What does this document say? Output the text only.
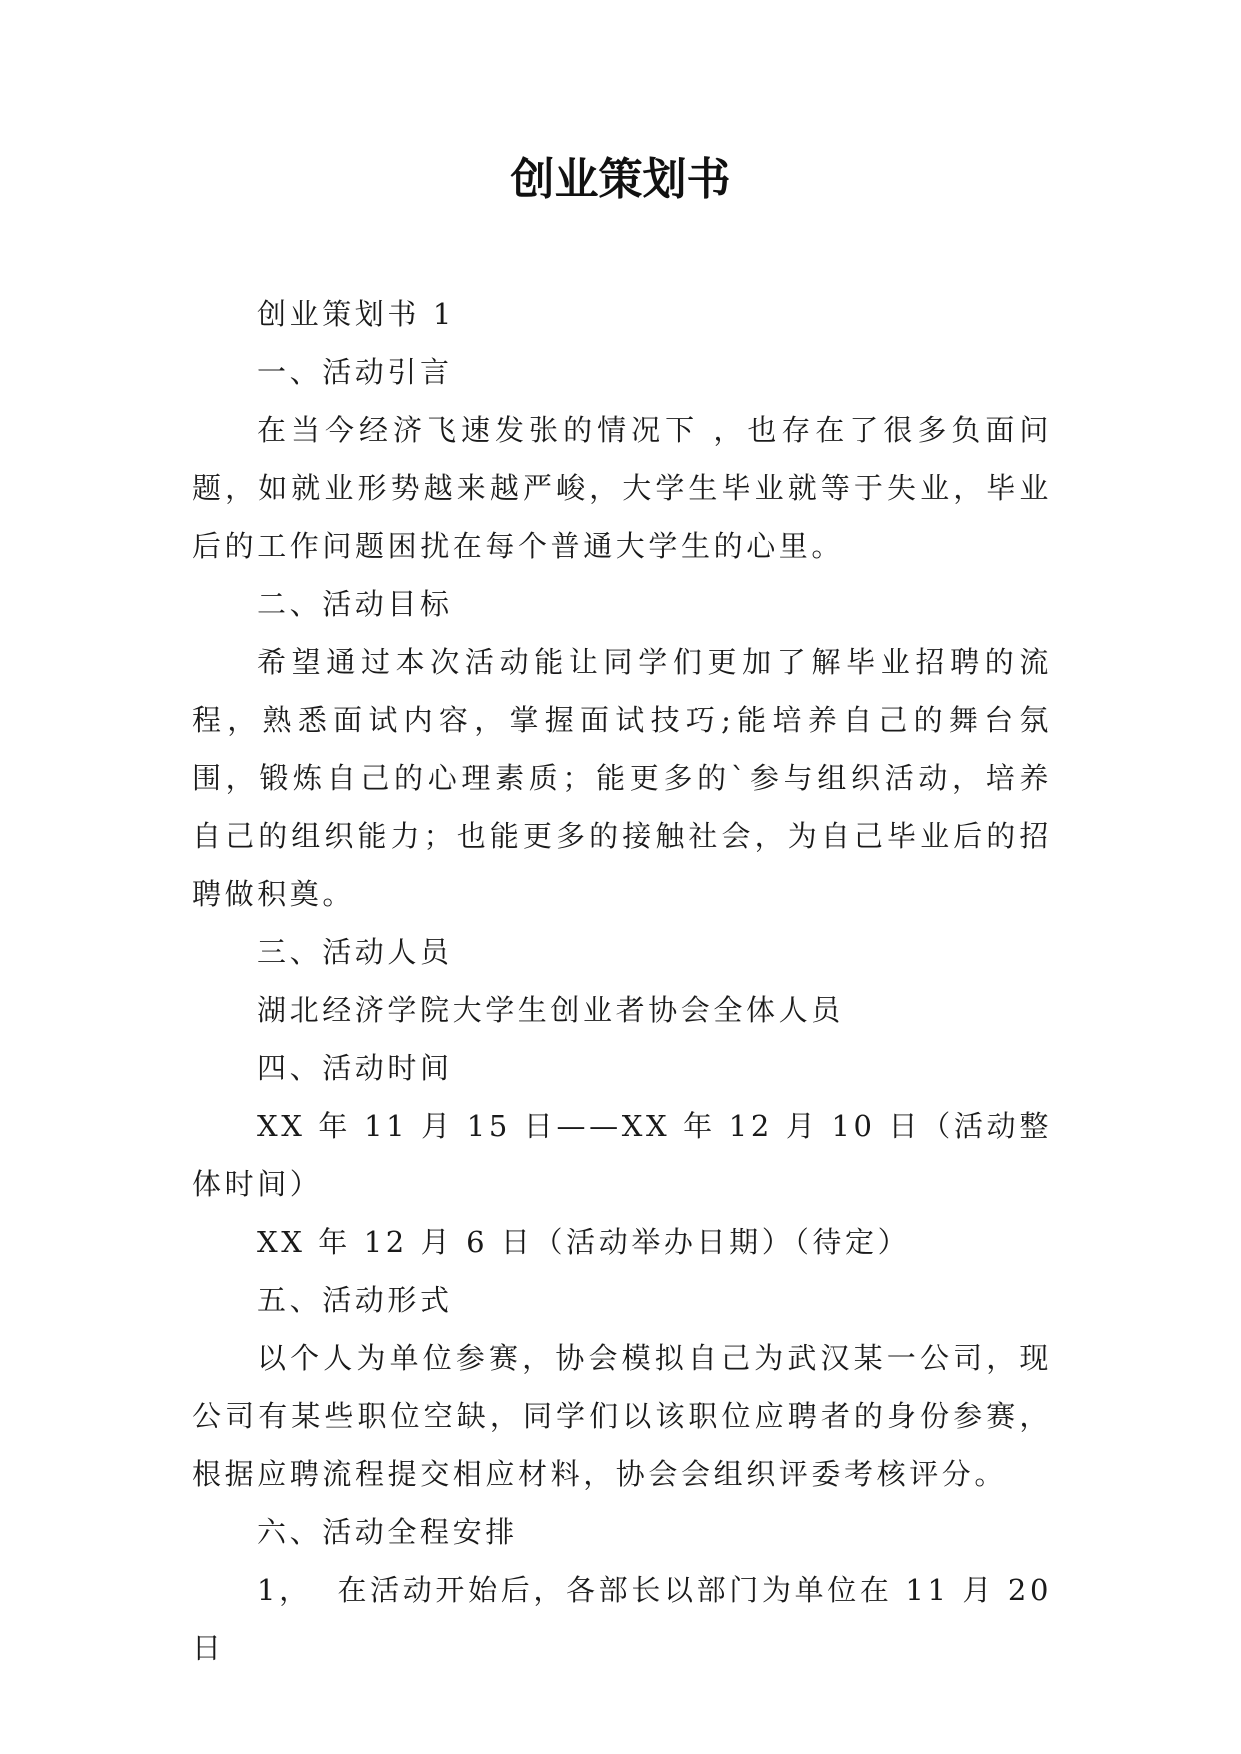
创业策划书

创业策划书 1

一、活动引言

在当今经济飞速发张的情况下 ，也存在了很多负面问题，如就业形势越来越严峻，大学生毕业就等于失业，毕业后的工作问题困扰在每个普通大学生的心里。

二、活动目标

希望通过本次活动能让同学们更加了解毕业招聘的流程，熟悉面试内容，掌握面试技巧;能培养自己的舞台氛围，锻炼自己的心理素质；能更多的`参与组织活动，培养自己的组织能力；也能更多的接触社会，为自己毕业后的招聘做积奠。

三、活动人员

湖北经济学院大学生创业者协会全体人员

四、活动时间

XX 年 11 月 15 日——XX 年 12 月 10 日（活动整体时间）

XX 年 12 月 6 日（活动举办日期）（待定）

五、活动形式

以个人为单位参赛，协会模拟自己为武汉某一公司，现公司有某些职位空缺，同学们以该职位应聘者的身份参赛，根据应聘流程提交相应材料，协会会组织评委考核评分。

六、活动全程安排

1，  在活动开始后，各部长以部门为单位在 11 月 20 日
